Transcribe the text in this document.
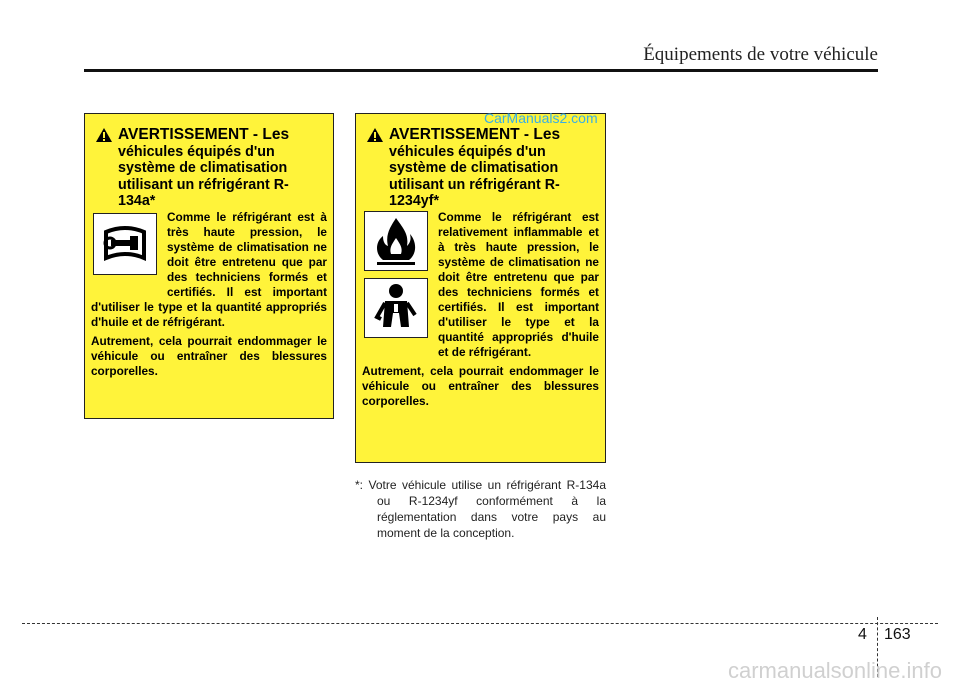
Équipements de votre véhicule
AVERTISSEMENT - Les
véhicules équipés d'un système de climatisation utilisant un réfrigérant R-134a*
Comme le réfrigérant est à très haute pression, le système de climatisation ne doit être entretenu que par des techniciens formés et certifiés. Il est important d'utiliser le type et la quantité appropriés d'huile et de réfrigérant.
Autrement, cela pourrait endommager le véhicule ou entraîner des blessures corporelles.
AVERTISSEMENT - Les
véhicules équipés d'un système de climatisation utilisant un réfrigérant R-1234yf*
Comme le réfrigérant est relativement inflammable et à très haute pression, le système de climatisation ne doit être entretenu que par des techniciens formés et certifiés. Il est important d'utiliser le type et la quantité appropriés d'huile et de réfrigérant.
Autrement, cela pourrait endommager le véhicule ou entraîner des blessures corporelles.
CarManuals2.com
*: Votre véhicule utilise un réfrigérant R-134a ou R-1234yf conformément à la réglementation dans votre pays au moment de la conception.
4 163
carmanualsonline.info
